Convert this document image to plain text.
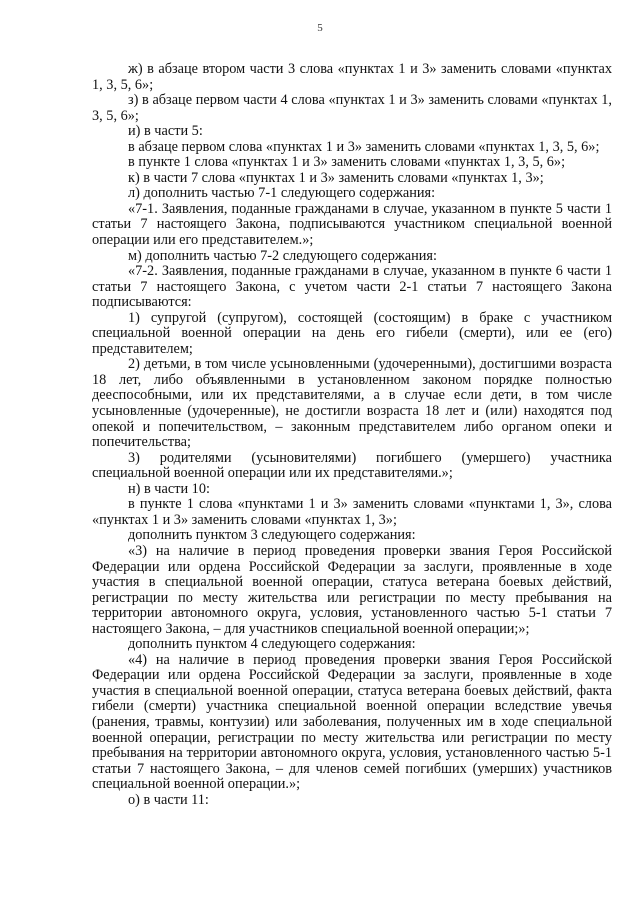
5

ж) в абзаце втором части 3 слова «пунктах 1 и 3» заменить словами «пунктах 1, 3, 5, 6»;

з) в абзаце первом части 4 слова «пунктах 1 и 3» заменить словами «пунктах 1, 3, 5, 6»;

и) в части 5:

в абзаце первом слова «пунктах 1 и 3» заменить словами «пунктах 1, 3, 5, 6»;

в пункте 1 слова «пунктах 1 и 3» заменить словами «пунктах 1, 3, 5, 6»;

к) в части 7 слова «пунктах 1 и 3» заменить словами «пунктах 1, 3»;

л) дополнить частью 7-1 следующего содержания:

«7-1. Заявления, поданные гражданами в случае, указанном в пункте 5 части 1 статьи 7 настоящего Закона, подписываются участником специальной военной операции или его представителем.»;

м) дополнить частью 7-2 следующего содержания:

«7-2. Заявления, поданные гражданами в случае, указанном в пункте 6 части 1 статьи 7 настоящего Закона, с учетом части 2-1 статьи 7 настоящего Закона подписываются:

1) супругой (супругом), состоящей (состоящим) в браке с участником специальной военной операции на день его гибели (смерти), или ее (его) представителем;

2) детьми, в том числе усыновленными (удочеренными), достигшими возраста 18 лет, либо объявленными в установленном законом порядке полностью дееспособными, или их представителями, а в случае если дети, в том числе усыновленные (удочеренные), не достигли возраста 18 лет и (или) находятся под опекой и попечительством, – законным представителем либо органом опеки и попечительства;

3) родителями (усыновителями) погибшего (умершего) участника специальной военной операции или их представителями.»;

н) в части 10:

в пункте 1 слова «пунктами 1 и 3» заменить словами «пунктами 1, 3», слова «пунктах 1 и 3» заменить словами «пунктах 1, 3»;

дополнить пунктом 3 следующего содержания:

«3) на наличие в период проведения проверки звания Героя Российской Федерации или ордена Российской Федерации за заслуги, проявленные в ходе участия в специальной военной операции, статуса ветерана боевых действий, регистрации по месту жительства или регистрации по месту пребывания на территории автономного округа, условия, установленного частью 5-1 статьи 7 настоящего Закона, – для участников специальной военной операции;»;

дополнить пунктом 4 следующего содержания:

«4) на наличие в период проведения проверки звания Героя Российской Федерации или ордена Российской Федерации за заслуги, проявленные в ходе участия в специальной военной операции, статуса ветерана боевых действий, факта гибели (смерти) участника специальной военной операции вследствие увечья (ранения, травмы, контузии) или заболевания, полученных им в ходе специальной военной операции, регистрации по месту жительства или регистрации по месту пребывания на территории автономного округа, условия, установленного частью 5-1 статьи 7 настоящего Закона, – для членов семей погибших (умерших) участников специальной военной операции.»;

о) в части 11:
